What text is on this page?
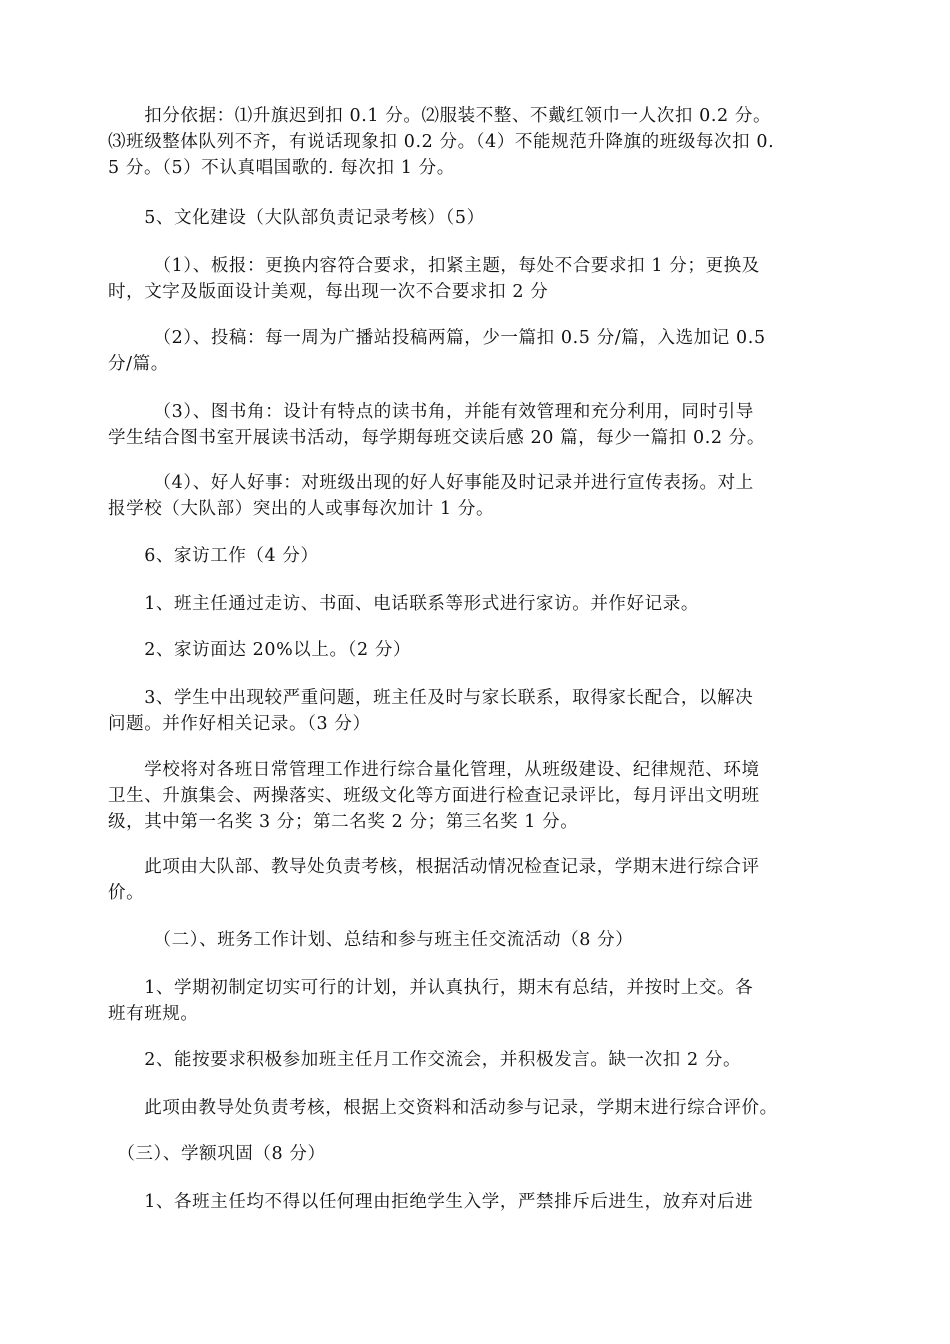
　　扣分依据：⑴升旗迟到扣 0.1 分。⑵服装不整、不戴红领巾一人次扣 0.2 分。
⑶班级整体队列不齐，有说话现象扣 0.2 分。（4）不能规范升降旗的班级每次扣 0.
5 分。（5）不认真唱国歌的. 每次扣 1 分。
　　5、文化建设（大队部负责记录考核）（5）
　　　（1）、板报：更换内容符合要求，扣紧主题，每处不合要求扣 1 分；更换及
时，文字及版面设计美观，每出现一次不合要求扣 2 分
　　　（2）、投稿：每一周为广播站投稿两篇，少一篇扣 0.5 分/篇，入选加记 0.5
分/篇。
　　　（3）、图书角：设计有特点的读书角，并能有效管理和充分利用，同时引导
学生结合图书室开展读书活动，每学期每班交读后感 20 篇，每少一篇扣 0.2 分。
　　　（4）、好人好事：对班级出现的好人好事能及时记录并进行宣传表扬。对上
报学校（大队部）突出的人或事每次加计 1 分。
　　6、家访工作（4 分）
　　1、班主任通过走访、书面、电话联系等形式进行家访。并作好记录。
　　2、家访面达 20%以上。（2 分）
　　3、学生中出现较严重问题，班主任及时与家长联系，取得家长配合，以解决
问题。并作好相关记录。（3 分）
　　学校将对各班日常管理工作进行综合量化管理，从班级建设、纪律规范、环境
卫生、升旗集会、两操落实、班级文化等方面进行检查记录评比，每月评出文明班
级，其中第一名奖 3 分；第二名奖 2 分；第三名奖 1 分。
　　此项由大队部、教导处负责考核，根据活动情况检查记录，学期末进行综合评
价。
　　　（二）、班务工作计划、总结和参与班主任交流活动（8 分）
　　1、学期初制定切实可行的计划，并认真执行，期末有总结，并按时上交。各
班有班规。
　　2、能按要求积极参加班主任月工作交流会，并积极发言。缺一次扣 2 分。
　　此项由教导处负责考核，根据上交资料和活动参与记录，学期末进行综合评价。
　（三）、学额巩固（8 分）
　　1、各班主任均不得以任何理由拒绝学生入学，严禁排斥后进生，放弃对后进
